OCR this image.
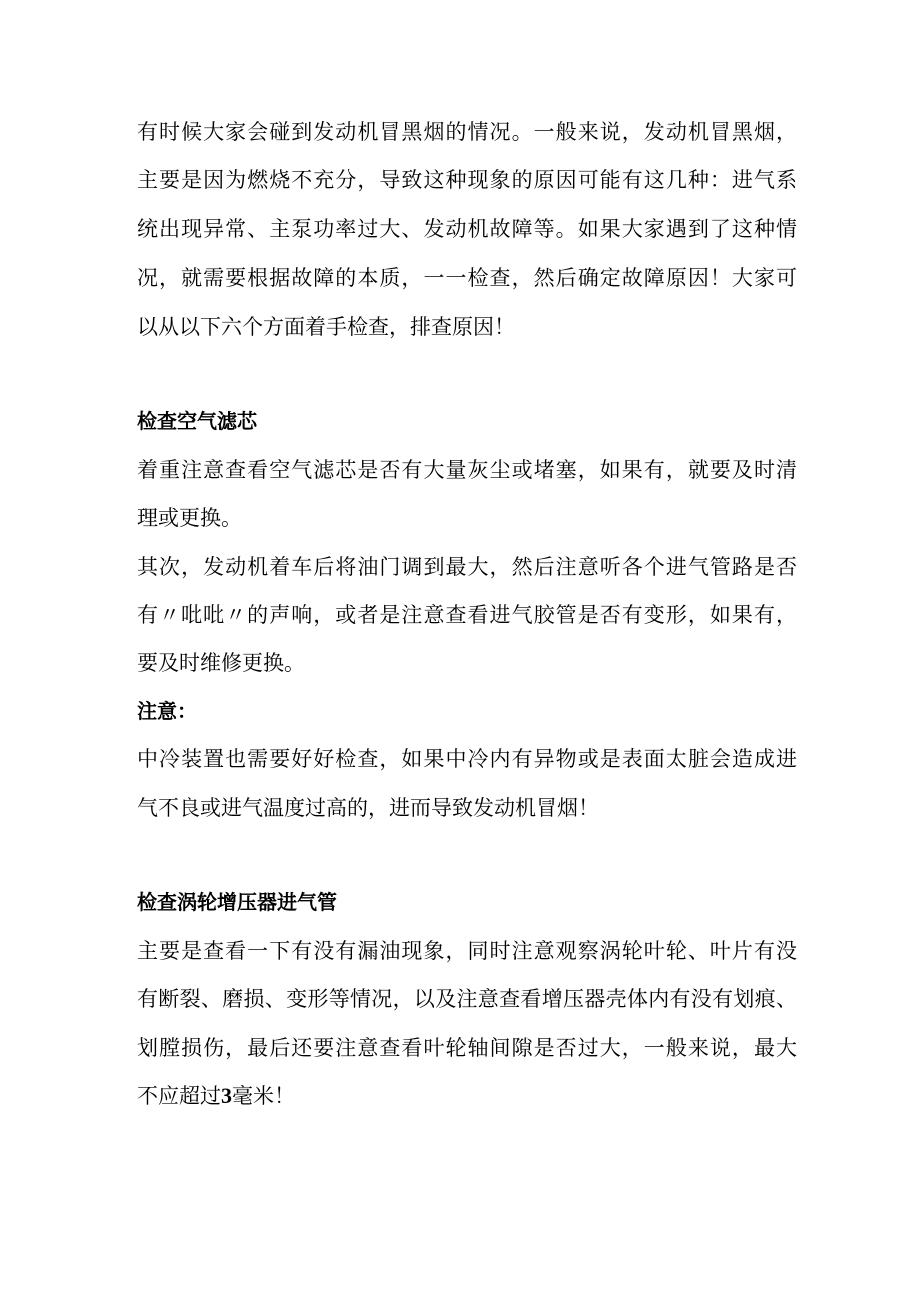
有时候大家会碰到发动机冒黑烟的情况。一般来说，发动机冒黑烟，
主要是因为燃烧不充分，导致这种现象的原因可能有这几种：进气系
统出现异常、主泵功率过大、发动机故障等。如果大家遇到了这种情
况，就需要根据故障的本质，一一检查，然后确定故障原因！大家可
以从以下六个方面着手检查，排查原因！
检查空气滤芯
着重注意查看空气滤芯是否有大量灰尘或堵塞，如果有，就要及时清
理或更换。
其次，发动机着车后将油门调到最大，然后注意听各个进气管路是否
有〃吡吡〃的声响，或者是注意查看进气胶管是否有变形，如果有，
要及时维修更换。
注意：
中冷装置也需要好好检查，如果中冷内有异物或是表面太脏会造成进
气不良或进气温度过高的，进而导致发动机冒烟！
检查涡轮增压器进气管
主要是查看一下有没有漏油现象，同时注意观察涡轮叶轮、叶片有没
有断裂、磨损、变形等情况，以及注意查看增压器壳体内有没有划痕、
划膛损伤，最后还要注意查看叶轮轴间隙是否过大，一般来说，最大
不应超过3毫米！
